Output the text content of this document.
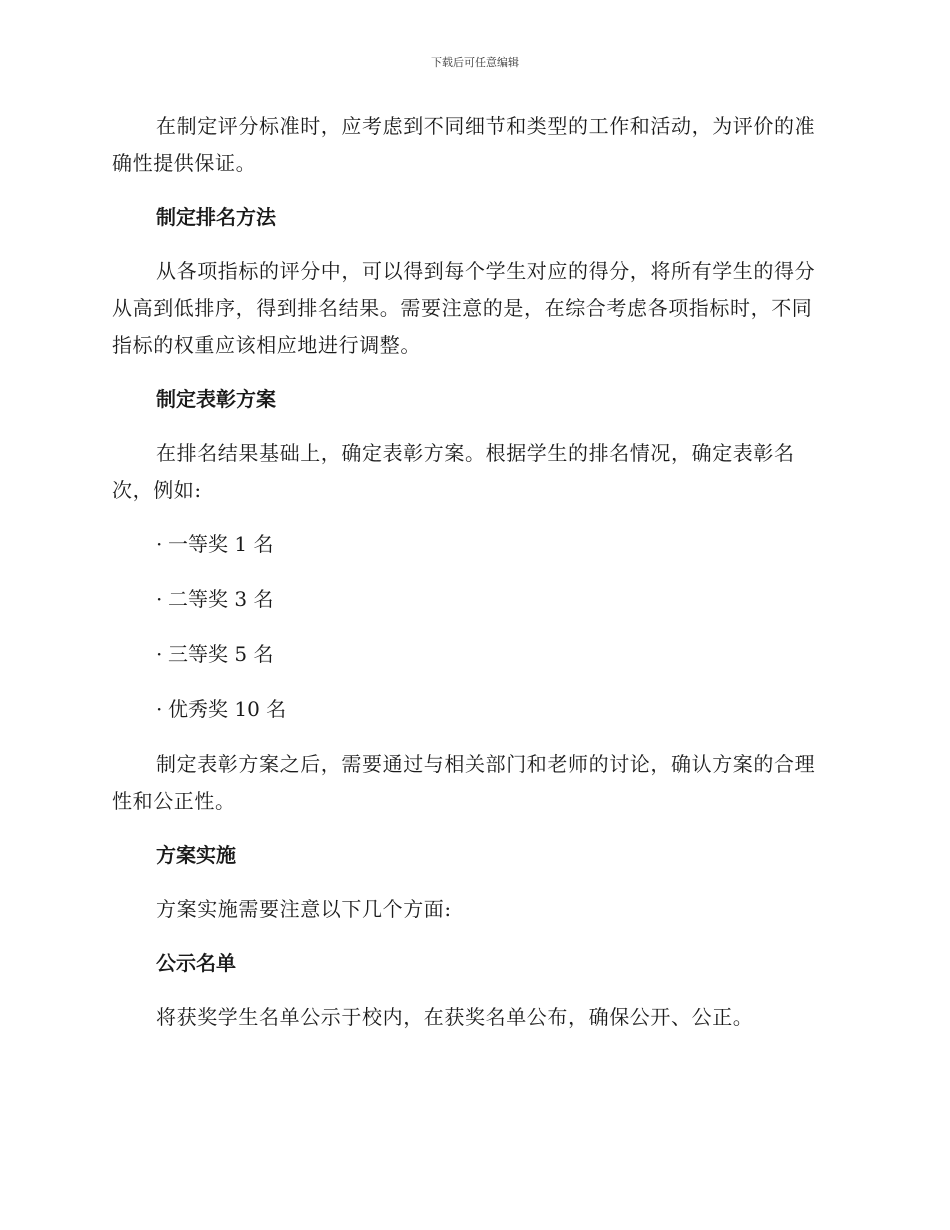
下载后可任意编辑

在制定评分标准时，应考虑到不同细节和类型的工作和活动，为评价的准确性提供保证。

制定排名方法

从各项指标的评分中，可以得到每个学生对应的得分，将所有学生的得分从高到低排序，得到排名结果。需要注意的是，在综合考虑各项指标时，不同指标的权重应该相应地进行调整。

制定表彰方案

在排名结果基础上，确定表彰方案。根据学生的排名情况，确定表彰名次，例如:

· 一等奖 1 名
· 二等奖 3 名
· 三等奖 5 名
· 优秀奖 10 名

制定表彰方案之后，需要通过与相关部门和老师的讨论，确认方案的合理性和公正性。

方案实施

方案实施需要注意以下几个方面:

公示名单

将获奖学生名单公示于校内，在获奖名单公布，确保公开、公正。
